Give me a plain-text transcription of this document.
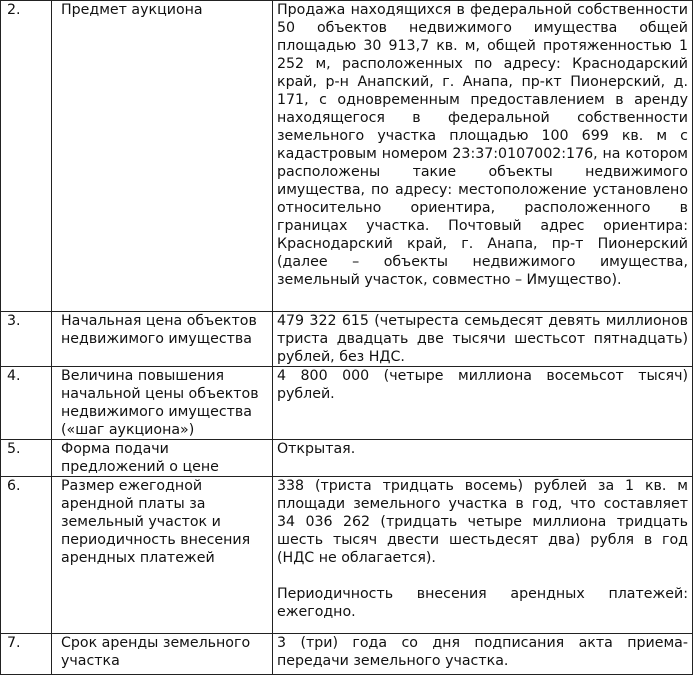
2.	Предмет аукциона	Продажа находящихся в федеральной собственности 50 объектов недвижимого имущества общей площадью 30 913,7 кв. м, общей протяженностью 1 252 м, расположенных по адресу: Краснодарский край, р-н Анапский, г. Анапа, пр-кт Пионерский, д. 171, с одновременным предоставлением в аренду находящегося в федеральной собственности земельного участка площадью 100 699 кв. м с кадастровым номером 23:37:0107002:176, на котором расположены такие объекты недвижимого имущества, по адресу: местоположение установлено относительно ориентира, расположенного в границах участка. Почтовый адрес ориентира: Краснодарский край, г. Анапа, пр-т Пионерский (далее – объекты недвижимого имущества, земельный участок, совместно – Имущество).

3.	Начальная цена объектов недвижимого имущества	479 322 615 (четыреста семьдесят девять миллионов триста двадцать две тысячи шестьсот пятнадцать) рублей, без НДС.

4.	Величина повышения начальной цены объектов недвижимого имущества («шаг аукциона»)	4 800 000 (четыре миллиона восемьсот тысяч) рублей.

5.	Форма подачи предложений о цене	Открытая.

6.	Размер ежегодной арендной платы за земельный участок и периодичность внесения арендных платежей	338 (триста тридцать восемь) рублей за 1 кв. м площади земельного участка в год, что составляет 34 036 262 (тридцать четыре миллиона тридцать шесть тысяч двести шестьдесят два) рубля в год (НДС не облагается).

Периодичность внесения арендных платежей: ежегодно.

7.	Срок аренды земельного участка	3 (три) года со дня подписания акта приема-передачи земельного участка.
